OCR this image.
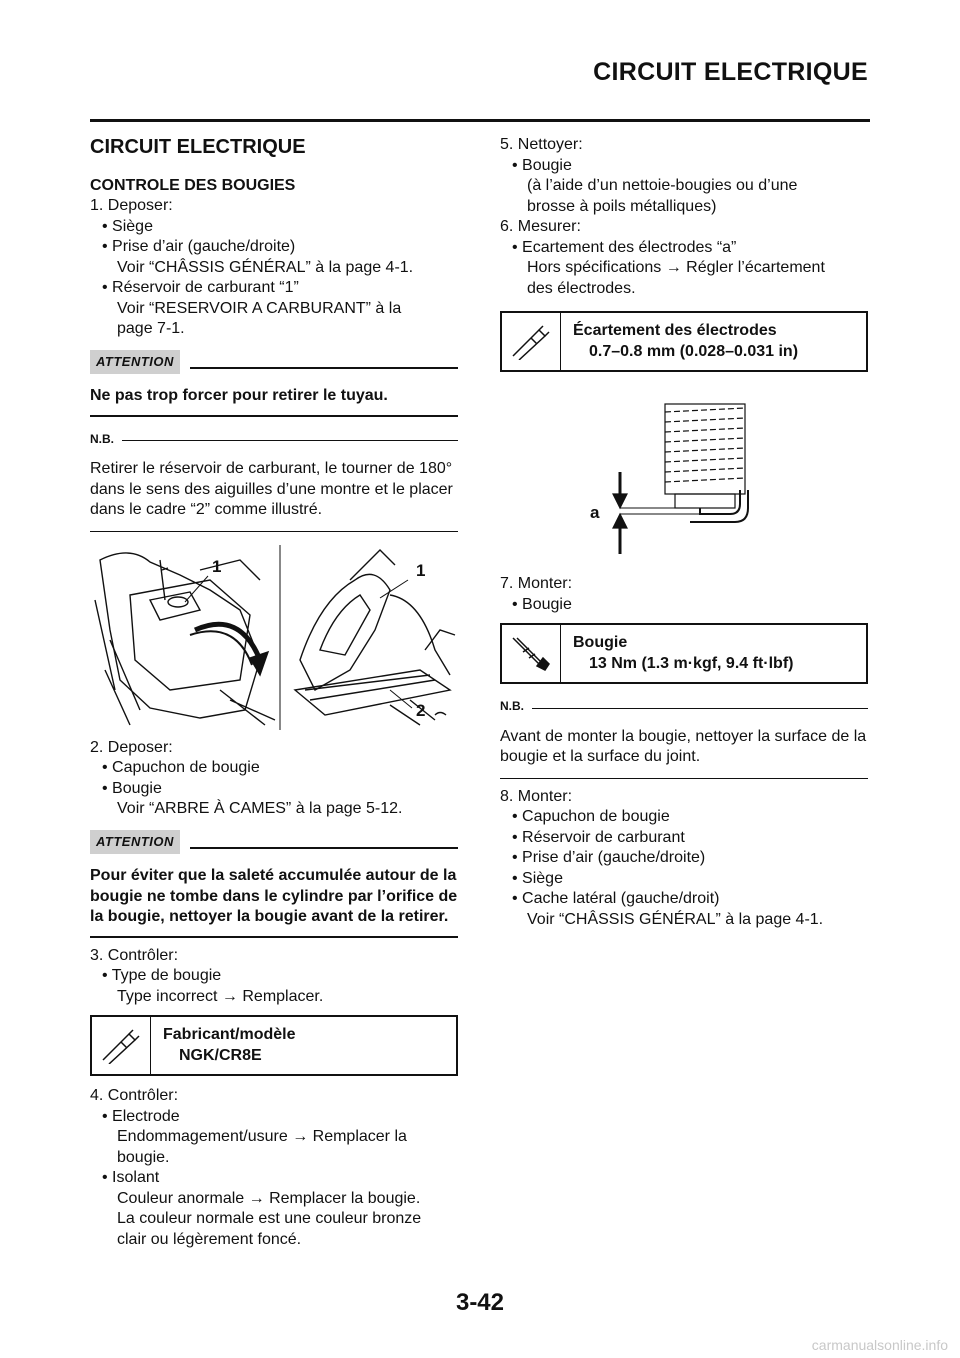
CIRCUIT ELECTRIQUE
CIRCUIT ELECTRIQUE
CONTROLE DES BOUGIES
1. Deposer:
• Siège
• Prise d’air (gauche/droite)
Voir “CHÂSSIS GÉNÉRAL” à la page 4-1.
• Réservoir de carburant “1”
Voir “RESERVOIR A CARBURANT” à la
page 7-1.
ATTENTION
Ne pas trop forcer pour retirer le tuyau.
N.B.
Retirer le réservoir de carburant, le tourner de 180° dans le sens des aiguilles d’une montre et le placer dans le cadre “2” comme illustré.
1	1
2
2. Deposer:
• Capuchon de bougie
• Bougie
Voir “ARBRE À CAMES” à la page 5-12.
ATTENTION
Pour éviter que la saleté accumulée autour de la bougie ne tombe dans le cylindre par l’orifice de la bougie, nettoyer la bougie avant de la retirer.
3. Contrôler:
• Type de bougie
Type incorrect → Remplacer.
Fabricant/modèle
NGK/CR8E
4. Contrôler:
• Electrode
Endommagement/usure → Remplacer la
bougie.
• Isolant
Couleur anormale → Remplacer la bougie.
La couleur normale est une couleur bronze
clair ou légèrement foncé.
5. Nettoyer:
• Bougie
(à l’aide d’un nettoie-bougies ou d’une
brosse à poils métalliques)
6. Mesurer:
• Ecartement des électrodes “a”
Hors spécifications → Régler l’écartement
des électrodes.
Écartement des électrodes
0.7–0.8 mm (0.028–0.031 in)
a
7. Monter:
• Bougie
Bougie
13 Nm (1.3 m·kgf, 9.4 ft·lbf)
N.B.
Avant de monter la bougie, nettoyer la surface de la bougie et la surface du joint.
8. Monter:
• Capuchon de bougie
• Réservoir de carburant
• Prise d’air (gauche/droite)
• Siège
• Cache latéral (gauche/droit)
Voir “CHÂSSIS GÉNÉRAL” à la page 4-1.
3-42
carmanualsonline.info
